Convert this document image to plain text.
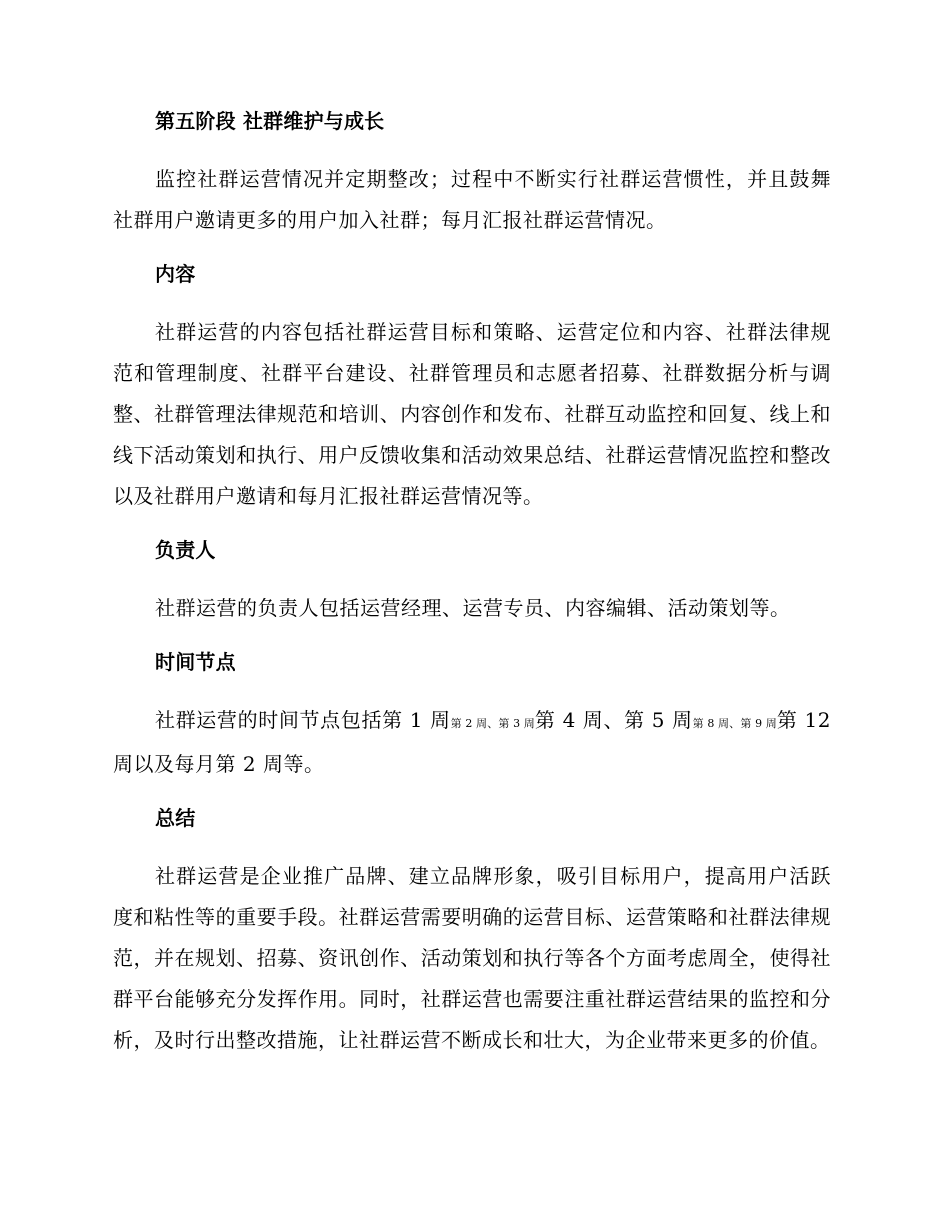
第五阶段 社群维护与成长

监控社群运营情况并定期整改；过程中不断实行社群运营惯性，并且鼓舞社群用户邀请更多的用户加入社群；每月汇报社群运营情况。

内容

社群运营的内容包括社群运营目标和策略、运营定位和内容、社群法律规范和管理制度、社群平台建设、社群管理员和志愿者招募、社群数据分析与调整、社群管理法律规范和培训、内容创作和发布、社群互动监控和回复、线上和线下活动策划和执行、用户反馈收集和活动效果总结、社群运营情况监控和整改以及社群用户邀请和每月汇报社群运营情况等。

负责人

社群运营的负责人包括运营经理、运营专员、内容编辑、活动策划等。

时间节点

社群运营的时间节点包括第 1 周第 2 周、第 3 周第 4 周、第 5 周第 8 周、第 9 周第 12 周以及每月第 2 周等。

总结

社群运营是企业推广品牌、建立品牌形象，吸引目标用户，提高用户活跃度和粘性等的重要手段。社群运营需要明确的运营目标、运营策略和社群法律规范，并在规划、招募、资讯创作、活动策划和执行等各个方面考虑周全，使得社群平台能够充分发挥作用。同时，社群运营也需要注重社群运营结果的监控和分析，及时行出整改措施，让社群运营不断成长和壮大，为企业带来更多的价值。
